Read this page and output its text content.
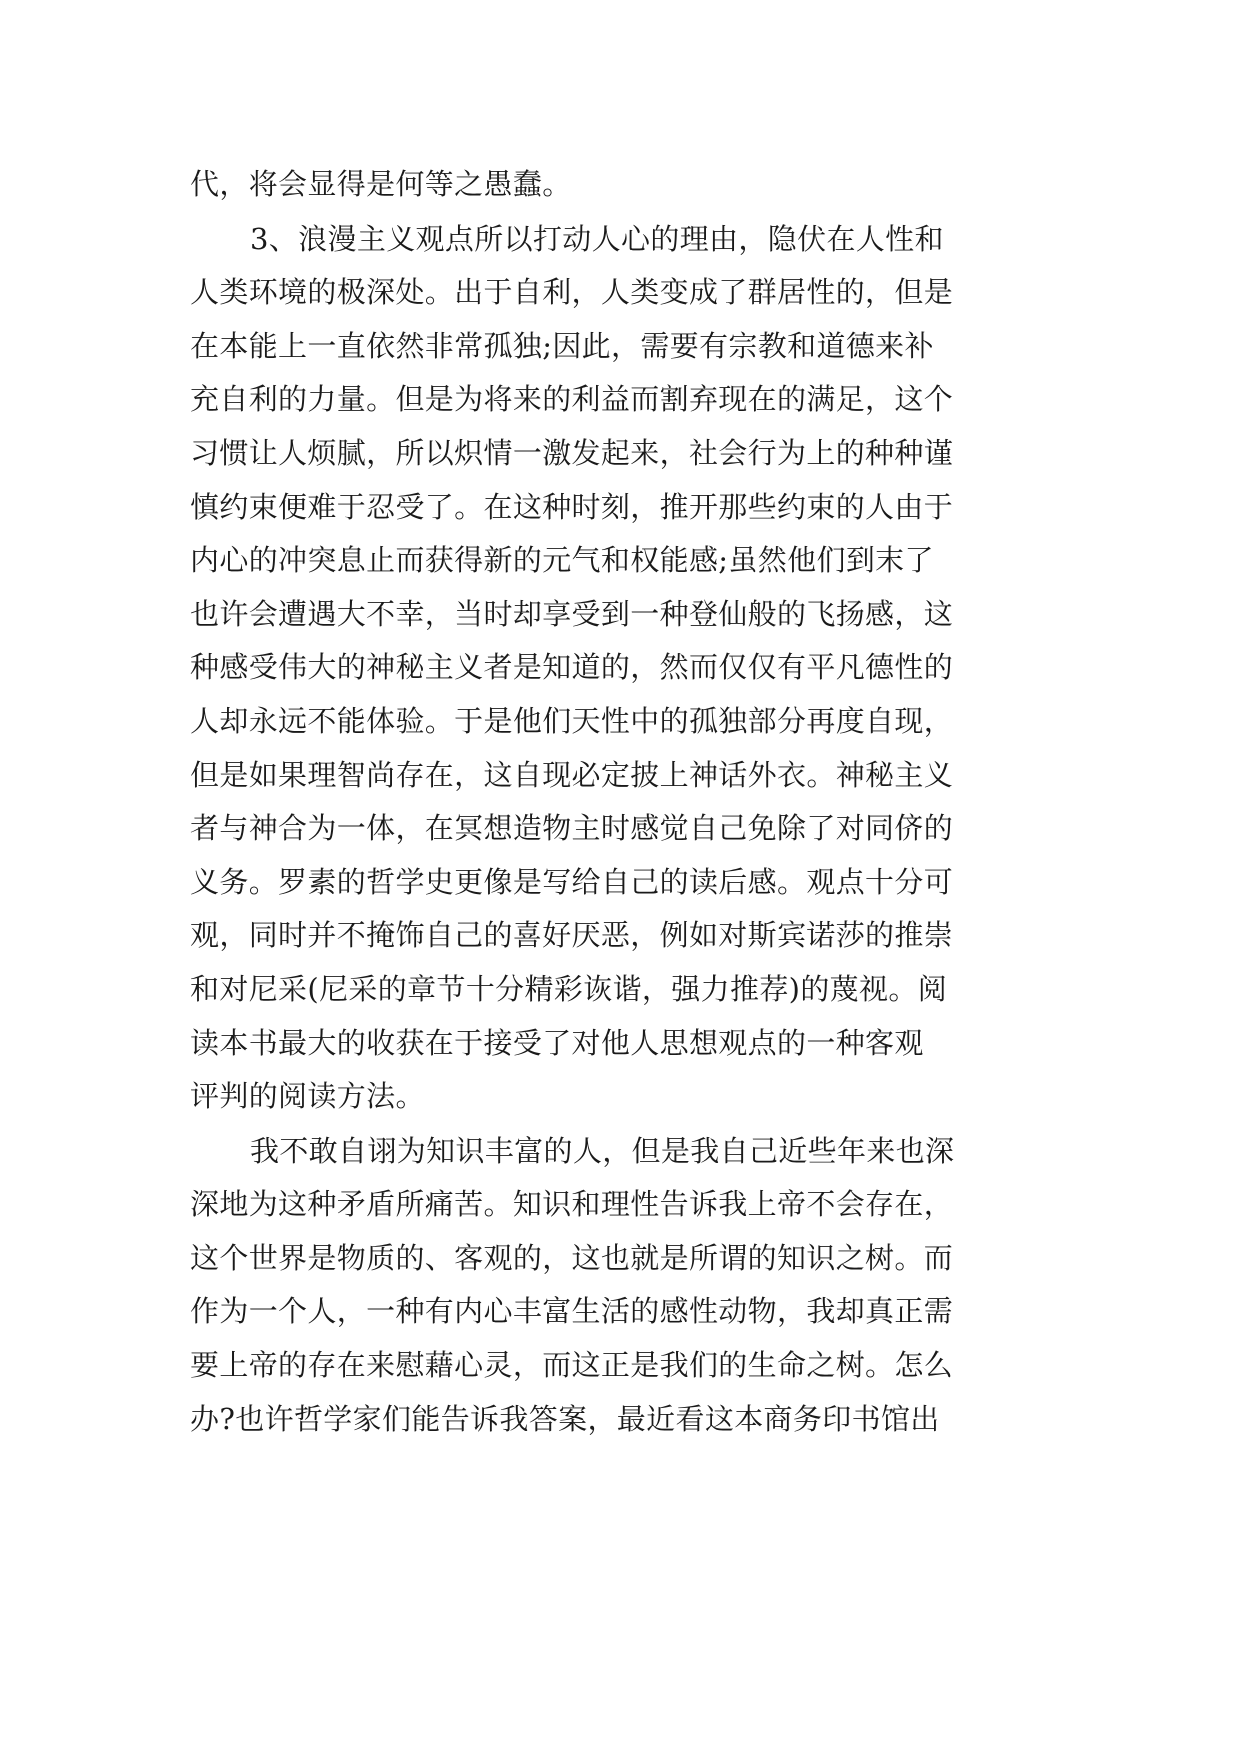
代，将会显得是何等之愚蠢。
3、浪漫主义观点所以打动人心的理由，隐伏在人性和
人类环境的极深处。出于自利，人类变成了群居性的，但是
在本能上一直依然非常孤独;因此，需要有宗教和道德来补
充自利的力量。但是为将来的利益而割弃现在的满足，这个
习惯让人烦腻，所以炽情一激发起来，社会行为上的种种谨
慎约束便难于忍受了。在这种时刻，推开那些约束的人由于
内心的冲突息止而获得新的元气和权能感;虽然他们到末了
也许会遭遇大不幸，当时却享受到一种登仙般的飞扬感，这
种感受伟大的神秘主义者是知道的，然而仅仅有平凡德性的
人却永远不能体验。于是他们天性中的孤独部分再度自现，
但是如果理智尚存在，这自现必定披上神话外衣。神秘主义
者与神合为一体，在冥想造物主时感觉自己免除了对同侪的
义务。罗素的哲学史更像是写给自己的读后感。观点十分可
观，同时并不掩饰自己的喜好厌恶，例如对斯宾诺莎的推崇
和对尼采(尼采的章节十分精彩诙谐，强力推荐)的蔑视。阅
读本书最大的收获在于接受了对他人思想观点的一种客观
评判的阅读方法。
我不敢自诩为知识丰富的人，但是我自己近些年来也深
深地为这种矛盾所痛苦。知识和理性告诉我上帝不会存在，
这个世界是物质的、客观的，这也就是所谓的知识之树。而
作为一个人，一种有内心丰富生活的感性动物，我却真正需
要上帝的存在来慰藉心灵，而这正是我们的生命之树。怎么
办?也许哲学家们能告诉我答案，最近看这本商务印书馆出
